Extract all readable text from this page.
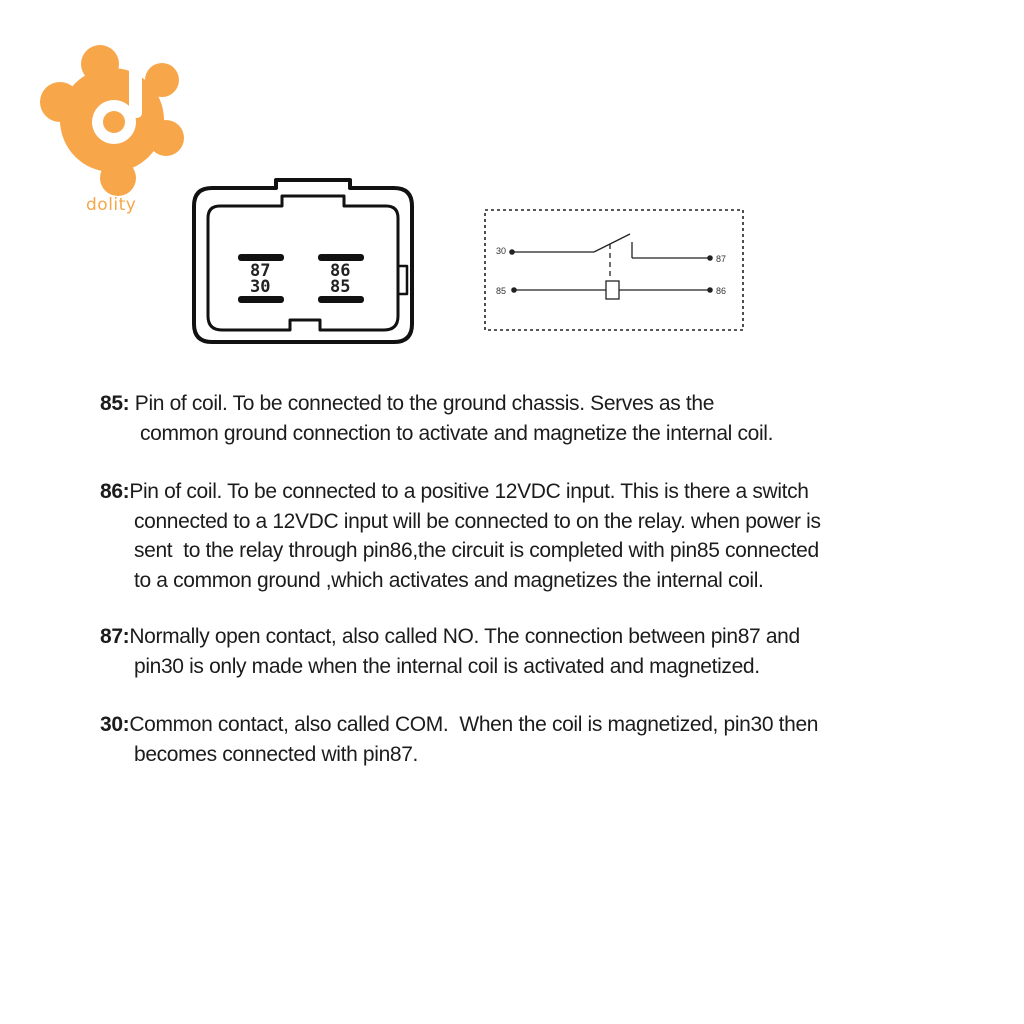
dolity
87
30
86
85
30
87
85	86
85: Pin of coil. To be connected to the ground chassis. Serves as the
common ground connection to activate and magnetize the internal coil.
86:Pin of coil. To be connected to a positive 12VDC input. This is there a switch
connected to a 12VDC input will be connected to on the relay. when power is
sent  to the relay through pin86,the circuit is completed with pin85 connected
to a common ground ,which activates and magnetizes the internal coil.
87:Normally open contact, also called NO. The connection between pin87 and
pin30 is only made when the internal coil is activated and magnetized.
30:Common contact, also called COM.  When the coil is magnetized, pin30 then
becomes connected with pin87.
